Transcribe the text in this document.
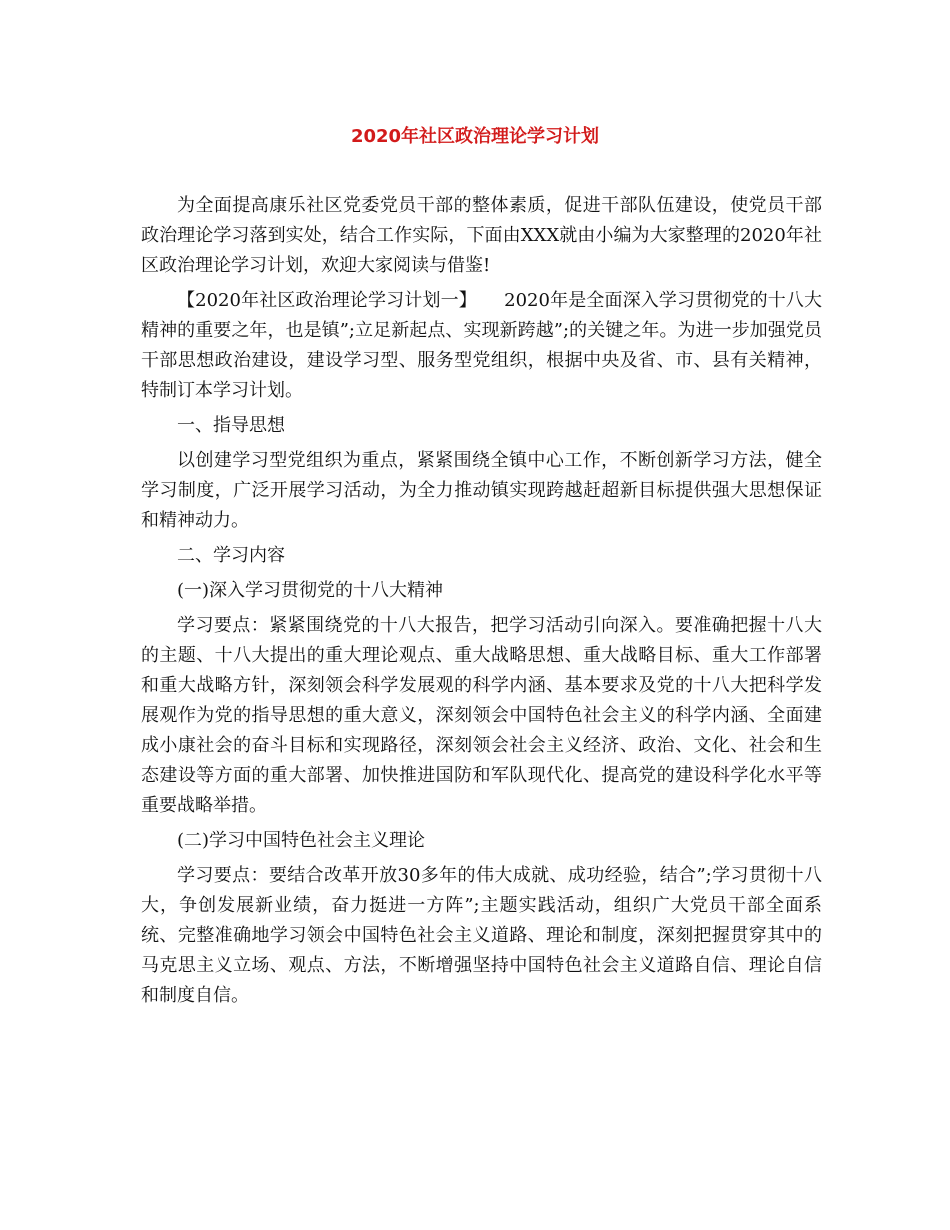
2020年社区政治理论学习计划

为全面提高康乐社区党委党员干部的整体素质，促进干部队伍建设，使党员干部政治理论学习落到实处，结合工作实际，下面由XXX就由小编为大家整理的2020年社区政治理论学习计划，欢迎大家阅读与借鉴!

【2020年社区政治理论学习计划一】　　2020年是全面深入学习贯彻党的十八大精神的重要之年，也是镇”;立足新起点、实现新跨越”;的关键之年。为进一步加强党员干部思想政治建设，建设学习型、服务型党组织，根据中央及省、市、县有关精神，特制订本学习计划。

一、指导思想

以创建学习型党组织为重点，紧紧围绕全镇中心工作，不断创新学习方法，健全学习制度，广泛开展学习活动，为全力推动镇实现跨越赶超新目标提供强大思想保证和精神动力。

二、学习内容

(一)深入学习贯彻党的十八大精神

学习要点：紧紧围绕党的十八大报告，把学习活动引向深入。要准确把握十八大的主题、十八大提出的重大理论观点、重大战略思想、重大战略目标、重大工作部署和重大战略方针，深刻领会科学发展观的科学内涵、基本要求及党的十八大把科学发展观作为党的指导思想的重大意义，深刻领会中国特色社会主义的科学内涵、全面建成小康社会的奋斗目标和实现路径，深刻领会社会主义经济、政治、文化、社会和生态建设等方面的重大部署、加快推进国防和军队现代化、提高党的建设科学化水平等重要战略举措。

(二)学习中国特色社会主义理论

学习要点：要结合改革开放30多年的伟大成就、成功经验，结合”;学习贯彻十八大，争创发展新业绩，奋力挺进一方阵”;主题实践活动，组织广大党员干部全面系统、完整准确地学习领会中国特色社会主义道路、理论和制度，深刻把握贯穿其中的马克思主义立场、观点、方法，不断增强坚持中国特色社会主义道路自信、理论自信和制度自信。
